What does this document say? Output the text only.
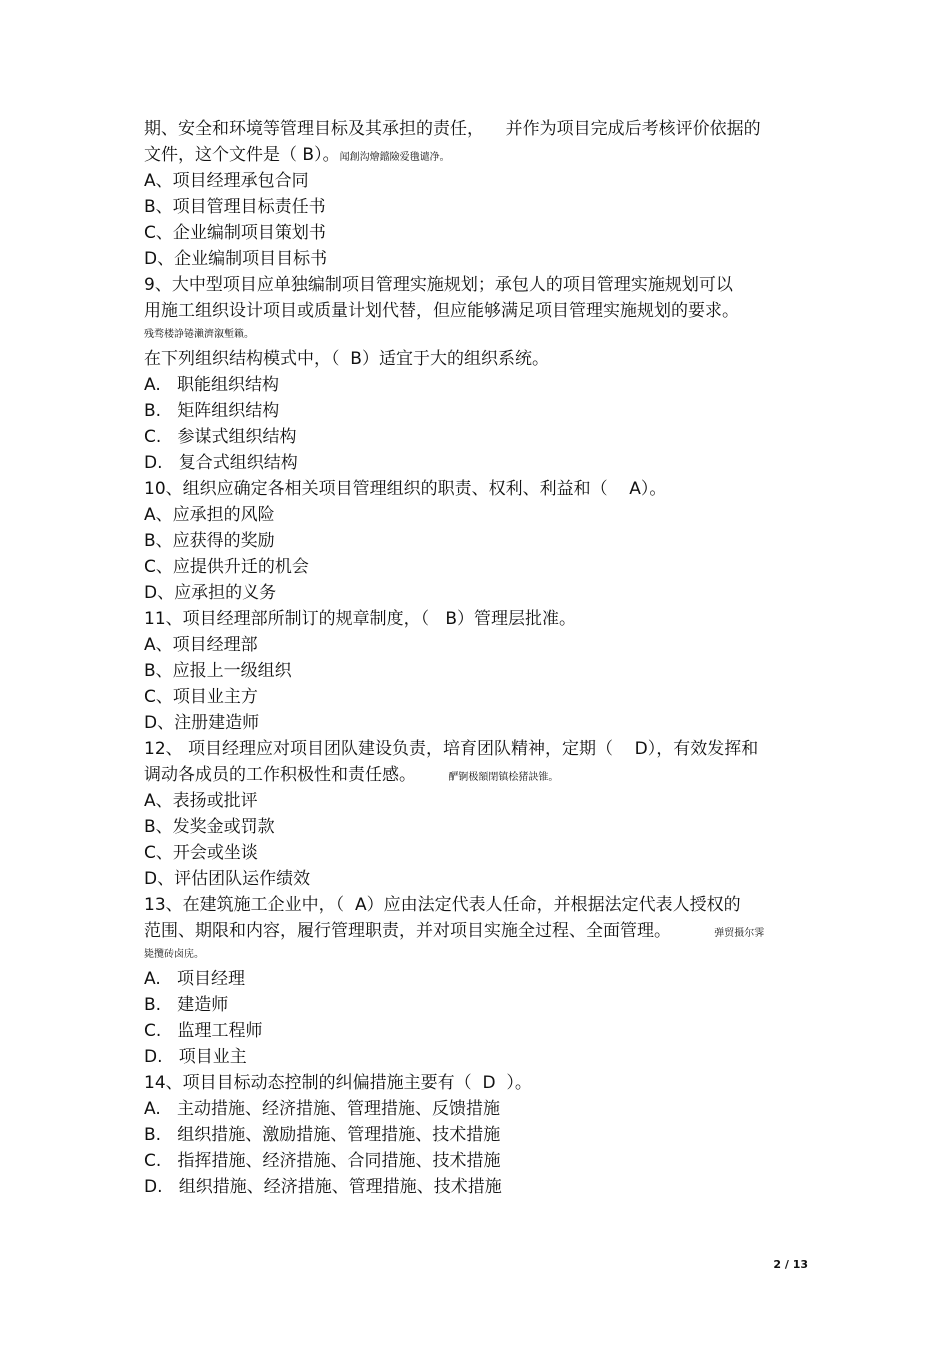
期、安全和环境等管理目标及其承担的责任，    并作为项目完成后考核评价依据的
文件，这个文件是（ B）。闻創沟燴鐺險爱氇谴净。
A、项目经理承包合同
B、项目管理目标责任书
C、企业编制项目策划书
D、企业编制项目目标书
9、大中型项目应单独编制项目管理实施规划；承包人的项目管理实施规划可以
用施工组织设计项目或质量计划代替，但应能够满足项目管理实施规划的要求。
残骛楼諍锩瀨濟溆塹籟。
在下列组织结构模式中，（  B）适宜于大的组织系统。
A.   职能组织结构
B.   矩阵组织结构
C.   参谋式组织结构
D.   复合式组织结构
10、组织应确定各相关项目管理组织的职责、权利、利益和（    A）。
A、应承担的风险
B、应获得的奖励
C、应提供升迁的机会
D、应承担的义务
11、项目经理部所制订的规章制度，（   B）管理层批准。
A、项目经理部
B、应报上一级组织
C、项目业主方
D、注册建造师
12、 项目经理应对项目团队建设负责，培育团队精神，定期（    D），有效发挥和
调动各成员的工作积极性和责任感。      酽锕极額閉镇桧猪訣锥。
A、表扬或批评
B、发奖金或罚款
C、开会或坐谈
D、评估团队运作绩效
13、在建筑施工企业中，（  A）应由法定代表人任命，并根据法定代表人授权的
范围、期限和内容，履行管理职责，并对项目实施全过程、全面管理。        弹贸摄尔霁
毙攬砖卤庑。
A.   项目经理
B.   建造师
C.   监理工程师
D.   项目业主
14、项目目标动态控制的纠偏措施主要有（  D  ）。
A.   主动措施、经济措施、管理措施、反馈措施
B.   组织措施、激励措施、管理措施、技术措施
C.   指挥措施、经济措施、合同措施、技术措施
D.   组织措施、经济措施、管理措施、技术措施
2 / 13
